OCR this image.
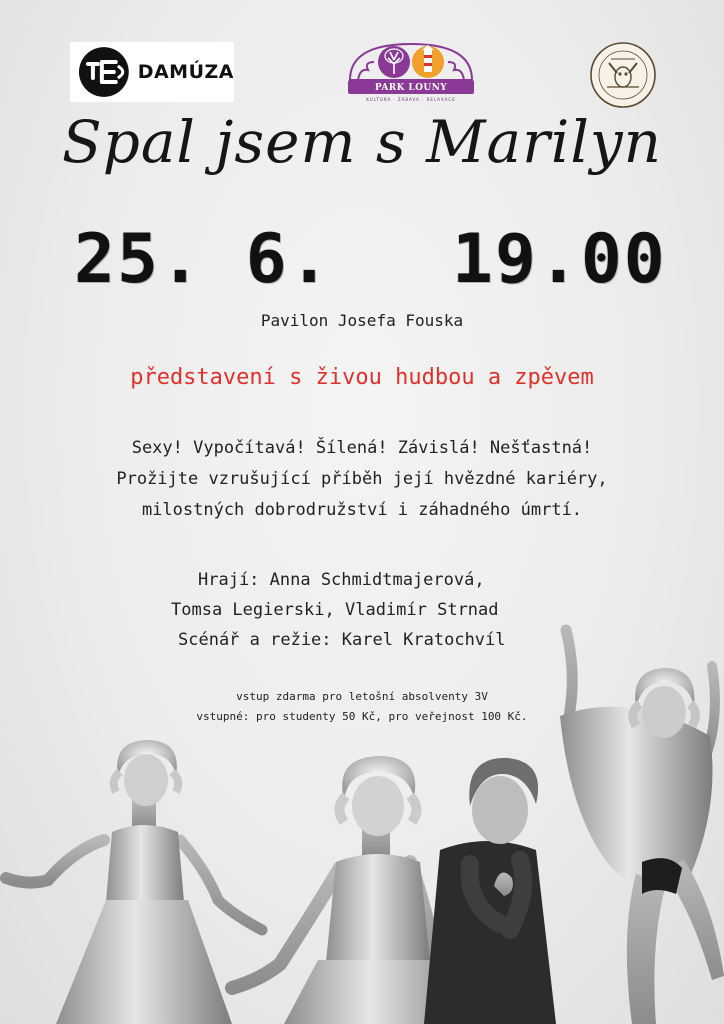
DAMÚZA
PARK LOUNY
KULTURA · ZÁBAVA · RELAXACE
Spal jsem s Marilyn
25. 6. 19.00
Pavilon Josefa Fouska
představení s živou hudbou a zpěvem
Sexy! Vypočítavá! Šílená! Závislá! Nešťastná!
Prožijte vzrušující příběh její hvězdné kariéry,
milostných dobrodružství i záhadného úmrtí.
Hrají: Anna Schmidtmajerová,
Tomsa Legierski, Vladimír Strnad
Scénář a režie: Karel Kratochvíl
vstup zdarma pro letošní absolventy 3V
vstupné: pro studenty 50 Kč, pro veřejnost 100 Kč.
